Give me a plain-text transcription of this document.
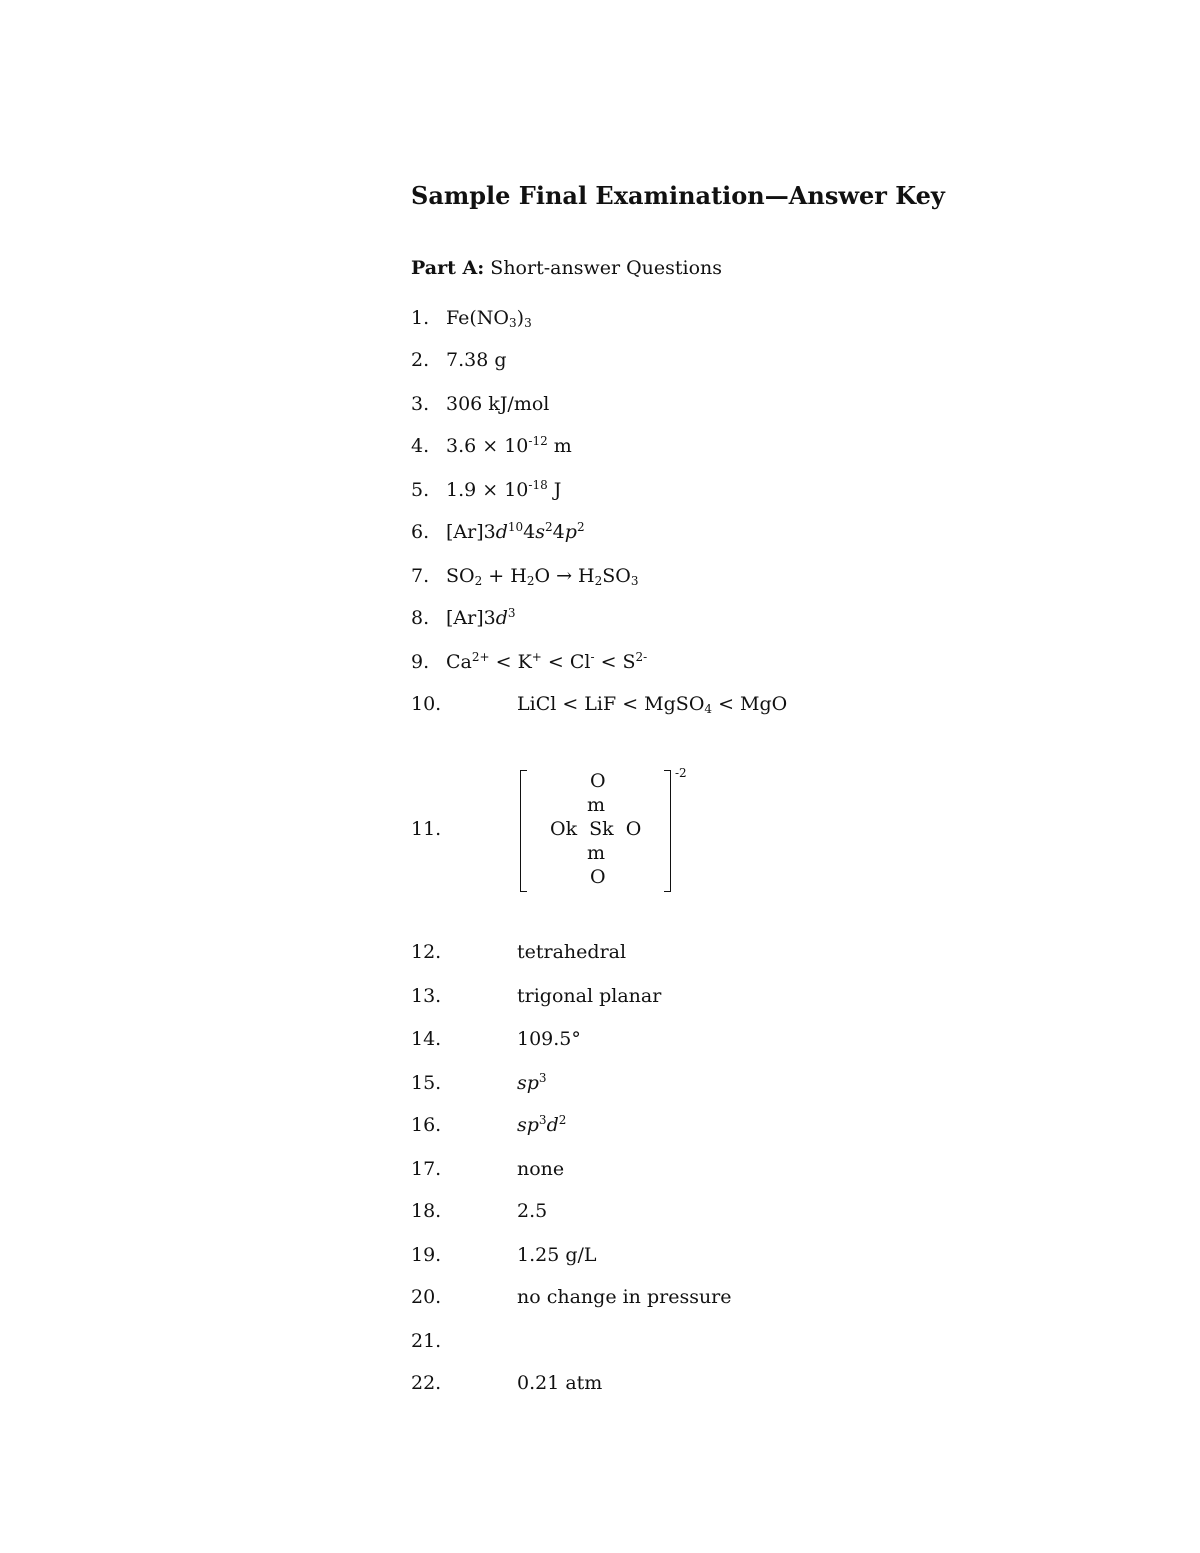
Sample Final Examination—Answer Key
Part A: Short-answer Questions
1. $Fe(NO_3)_3$
2. 7.38 g
3. 306 kJ/mol
4. $3.6 \times 10^{-12}$ m
5. $1.9 \times 10^{-18}$ J
6. $[Ar]3d^{10}4s^24p^2$
7. $SO_2 + H_2O \to H_2SO_3$
8. $[Ar]3d^3$
9. $Ca^{2+} < K^+ < Cl^- < S^{2-}$
10.	LiCl < LiF < MgSO$_4$ < MgO
11.
-2
O
m
Ok  Sk  O
m
O
12.	tetrahedral
13.	trigonal planar
14.	109.5°
15.	$sp^3$
16.	$sp^3d^2$
17.	none
18.	2.5
19.	1.25 g/L
20.	no change in pressure
21.
22.	0.21 atm
